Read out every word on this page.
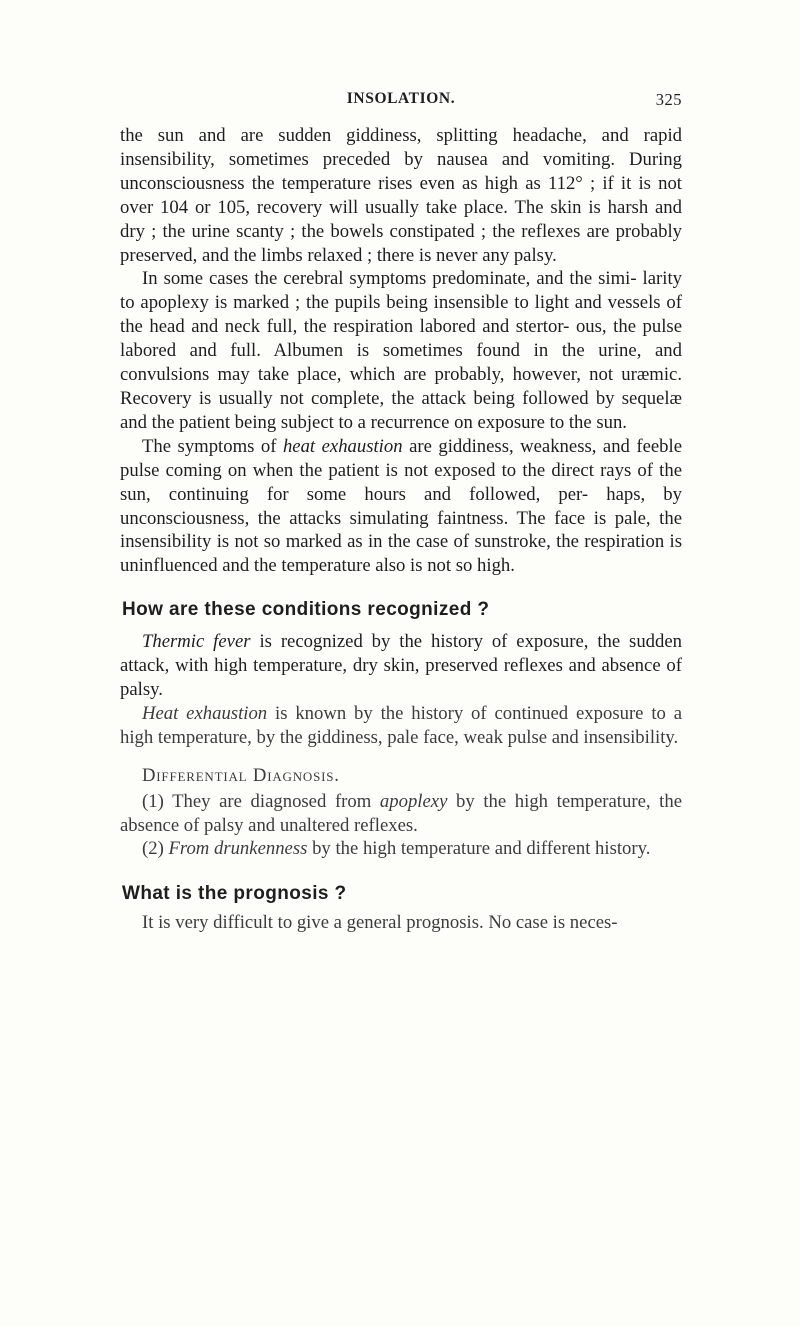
INSOLATION.	325

the sun and are sudden giddiness, splitting headache, and rapid insensibility, sometimes preceded by nausea and vomiting. During unconsciousness the temperature rises even as high as 112° ; if it is not over 104 or 105, recovery will usually take place. The skin is harsh and dry ; the urine scanty ; the bowels constipated ; the reflexes are probably preserved, and the limbs relaxed ; there is never any palsy.

In some cases the cerebral symptoms predominate, and the simi- larity to apoplexy is marked ; the pupils being insensible to light and vessels of the head and neck full, the respiration labored and stertor- ous, the pulse labored and full. Albumen is sometimes found in the urine, and convulsions may take place, which are probably, however, not uræmic. Recovery is usually not complete, the attack being followed by sequelæ and the patient being subject to a recurrence on exposure to the sun.

The symptoms of heat exhaustion are giddiness, weakness, and feeble pulse coming on when the patient is not exposed to the direct rays of the sun, continuing for some hours and followed, per- haps, by unconsciousness, the attacks simulating faintness. The face is pale, the insensibility is not so marked as in the case of sunstroke, the respiration is uninfluenced and the temperature also is not so high.

How are these conditions recognized ?

Thermic fever is recognized by the history of exposure, the sudden attack, with high temperature, dry skin, preserved reflexes and absence of palsy.

Heat exhaustion is known by the history of continued exposure to a high temperature, by the giddiness, pale face, weak pulse and insensibility.

Differential Diagnosis.

(1) They are diagnosed from apoplexy by the high temperature, the absence of palsy and unaltered reflexes.

(2) From drunkenness by the high temperature and different history.

What is the prognosis ?

It is very difficult to give a general prognosis. No case is neces-
